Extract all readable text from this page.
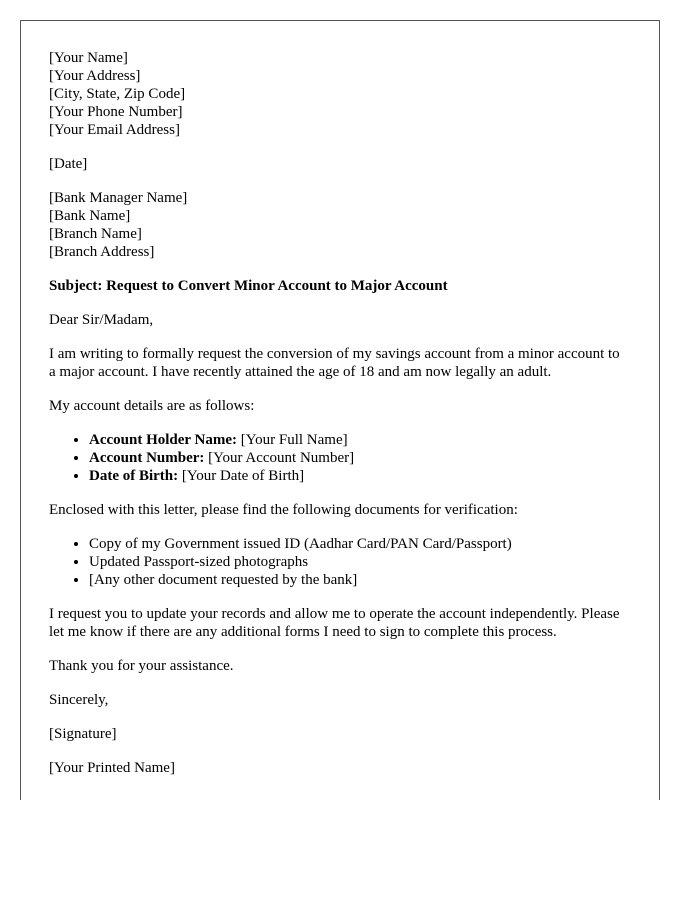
[Your Name]
[Your Address]
[City, State, Zip Code]
[Your Phone Number]
[Your Email Address]

[Date]

[Bank Manager Name]
[Bank Name]
[Branch Name]
[Branch Address]

Subject: Request to Convert Minor Account to Major Account

Dear Sir/Madam,

I am writing to formally request the conversion of my savings account from a minor account to a major account. I have recently attained the age of 18 and am now legally an adult.

My account details are as follows:

• Account Holder Name: [Your Full Name]
• Account Number: [Your Account Number]
• Date of Birth: [Your Date of Birth]

Enclosed with this letter, please find the following documents for verification:

• Copy of my Government issued ID (Aadhar Card/PAN Card/Passport)
• Updated Passport-sized photographs
• [Any other document requested by the bank]

I request you to update your records and allow me to operate the account independently. Please let me know if there are any additional forms I need to sign to complete this process.

Thank you for your assistance.

Sincerely,

[Signature]

[Your Printed Name]
